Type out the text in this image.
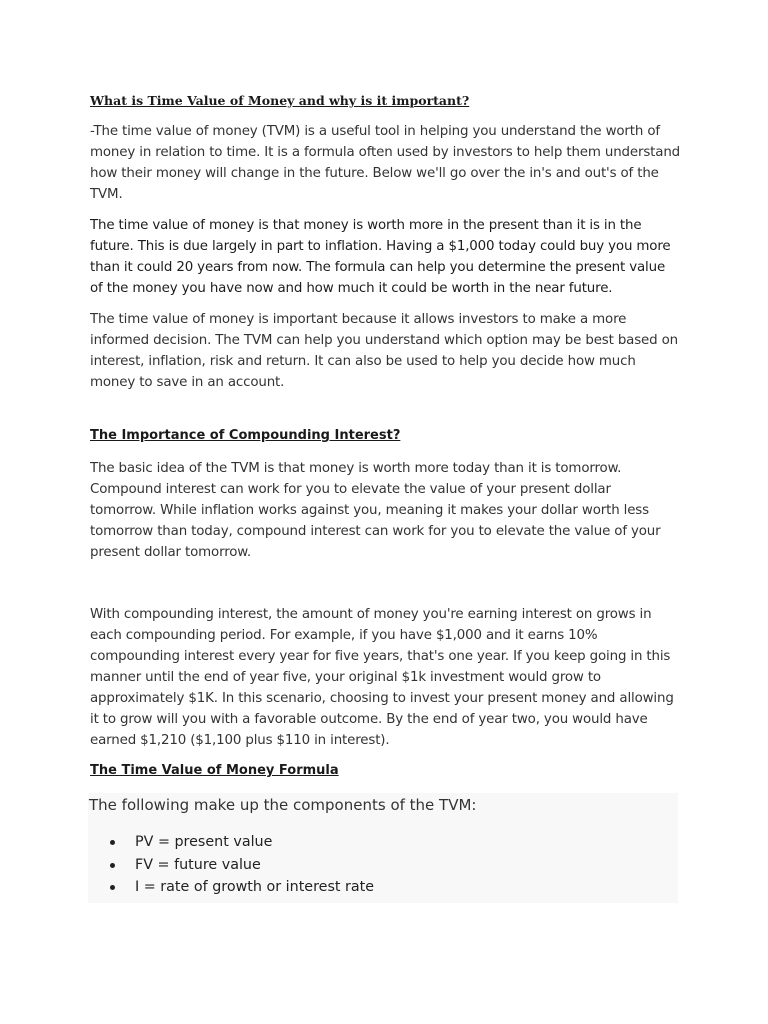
What is Time Value of Money and why is it important?

-The time value of money (TVM) is a useful tool in helping you understand the worth of money in relation to time. It is a formula often used by investors to help them understand how their money will change in the future. Below we'll go over the in's and out's of the TVM.

The time value of money is that money is worth more in the present than it is in the future. This is due largely in part to inflation. Having a $1,000 today could buy you more than it could 20 years from now. The formula can help you determine the present value of the money you have now and how much it could be worth in the near future.

The time value of money is important because it allows investors to make a more informed decision. The TVM can help you understand which option may be best based on interest, inflation, risk and return. It can also be used to help you decide how much money to save in an account.

The Importance of Compounding Interest?

The basic idea of the TVM is that money is worth more today than it is tomorrow. Compound interest can work for you to elevate the value of your present dollar tomorrow. While inflation works against you, meaning it makes your dollar worth less tomorrow than today, compound interest can work for you to elevate the value of your present dollar tomorrow.

With compounding interest, the amount of money you're earning interest on grows in each compounding period. For example, if you have $1,000 and it earns 10% compounding interest every year for five years, that's one year. If you keep going in this manner until the end of year five, your original $1k investment would grow to approximately $1K. In this scenario, choosing to invest your present money and allowing it to grow will you with a favorable outcome. By the end of year two, you would have earned $1,210 ($1,100 plus $110 in interest).

The Time Value of Money Formula
The following make up the components of the TVM:
PV = present value
FV = future value
I = rate of growth or interest rate
